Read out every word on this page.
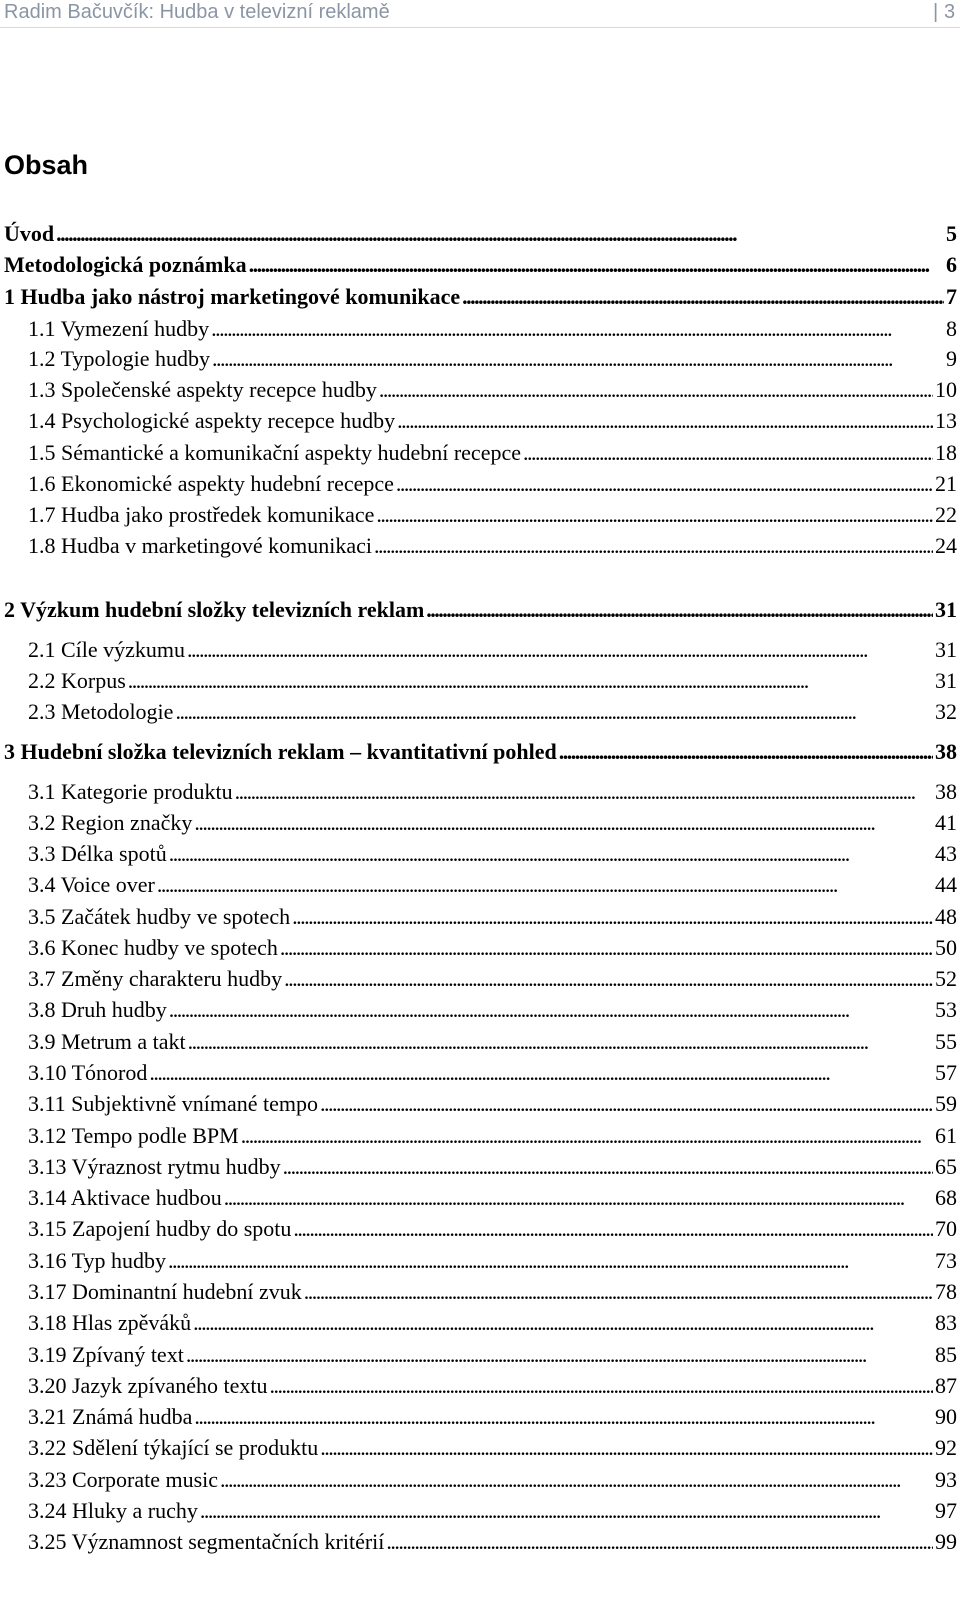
Radim Bačuvčík: Hudba v televizní reklamě	| 3
Obsah
Úvod . . .	5
Metodologická poznámka . . .	6
1 Hudba jako nástroj marketingové komunikace . . .	7
1.1 Vymezení hudby . . .	8
1.2 Typologie hudby . . .	9
1.3 Společenské aspekty recepce hudby . . .	10
1.4 Psychologické aspekty recepce hudby . . .	13
1.5 Sémantické a komunikační aspekty hudební recepce . . .	18
1.6 Ekonomické aspekty hudební recepce . . .	21
1.7 Hudba jako prostředek komunikace . . .	22
1.8 Hudba v marketingové komunikaci . . .	24
2 Výzkum hudební složky televizních reklam . . .	31
2.1 Cíle výzkumu . . .	31
2.2 Korpus . . .	31
2.3 Metodologie . . .	32
3 Hudební složka televizních reklam – kvantitativní pohled . . .	38
3.1 Kategorie produktu . . .	38
3.2 Region značky . . .	41
3.3 Délka spotů . . .	43
3.4 Voice over . . .	44
3.5 Začátek hudby ve spotech . . .	48
3.6 Konec hudby ve spotech . . .	50
3.7 Změny charakteru hudby . . .	52
3.8 Druh hudby . . .	53
3.9 Metrum a takt . . .	55
3.10 Tónorod . . .	57
3.11 Subjektivně vnímané tempo . . .	59
3.12 Tempo podle BPM . . .	61
3.13 Výraznost rytmu hudby . . .	65
3.14 Aktivace hudbou . . .	68
3.15 Zapojení hudby do spotu . . .	70
3.16 Typ hudby . . .	73
3.17 Dominantní hudební zvuk . . .	78
3.18 Hlas zpěváků . . .	83
3.19 Zpívaný text . . .	85
3.20 Jazyk zpívaného textu . . .	87
3.21 Známá hudba . . .	90
3.22 Sdělení týkající se produktu . . .	92
3.23 Corporate music . . .	93
3.24 Hluky a ruchy . . .	97
3.25 Významnost segmentačních kritérií . . .	99
